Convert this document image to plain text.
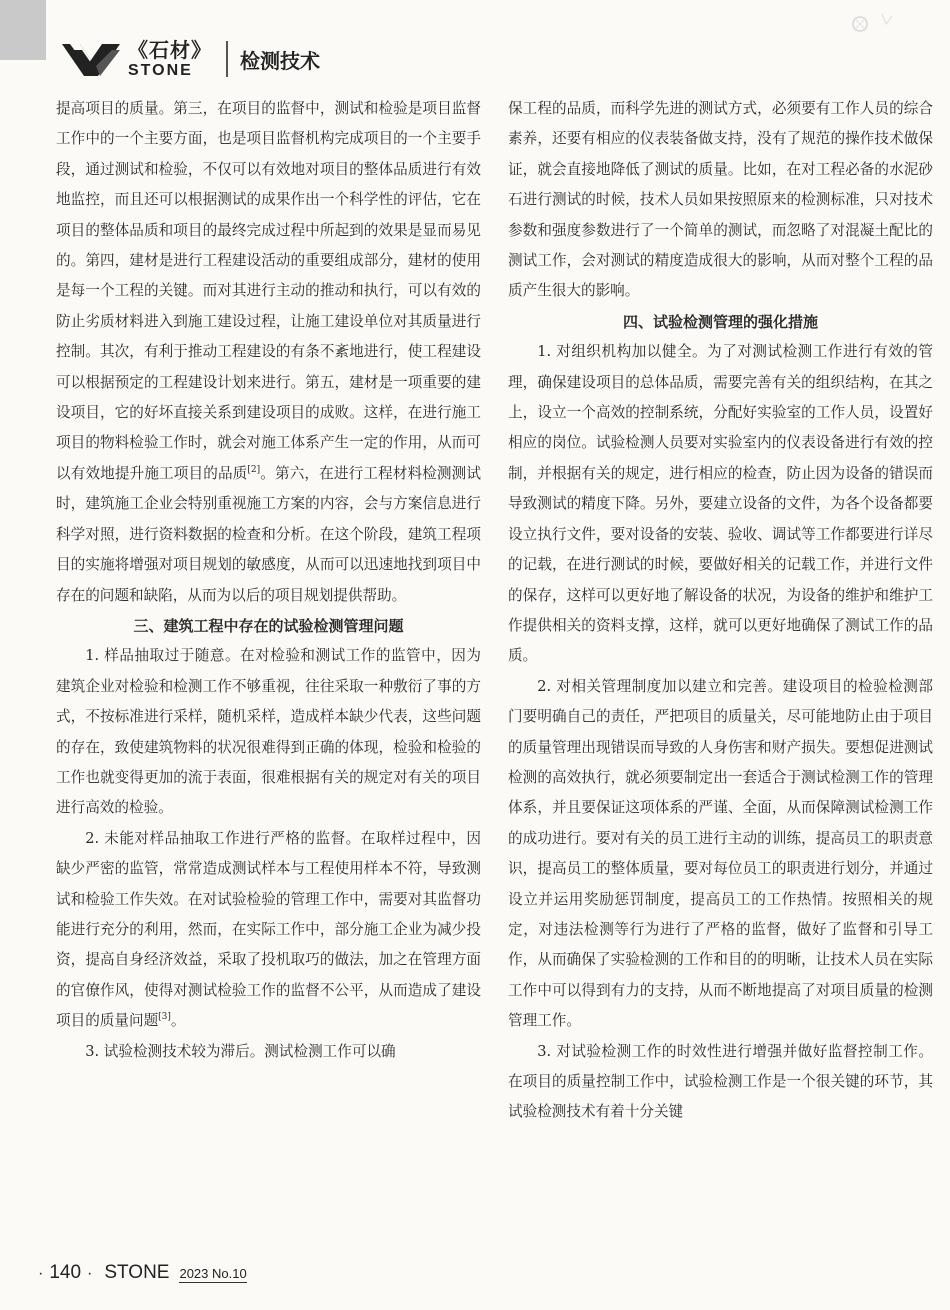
《石材》
STONE	检测技术

提高项目的质量。第三，在项目的监督中，测试和检验是项目监督工作中的一个主要方面，也是项目监督机构完成项目的一个主要手段，通过测试和检验，不仅可以有效地对项目的整体品质进行有效地监控，而且还可以根据测试的成果作出一个科学性的评估，它在项目的整体品质和项目的最终完成过程中所起到的效果是显而易见的。第四，建材是进行工程建设活动的重要组成部分，建材的使用是每一个工程的关键。而对其进行主动的推动和执行，可以有效的防止劣质材料进入到施工建设过程，让施工建设单位对其质量进行控制。其次，有利于推动工程建设的有条不紊地进行，使工程建设可以根据预定的工程建设计划来进行。第五，建材是一项重要的建设项目，它的好坏直接关系到建设项目的成败。这样，在进行施工项目的物料检验工作时，就会对施工体系产生一定的作用，从而可以有效地提升施工项目的品质[2]。第六，在进行工程材料检测测试时，建筑施工企业会特别重视施工方案的内容，会与方案信息进行科学对照，进行资料数据的检查和分析。在这个阶段，建筑工程项目的实施将增强对项目规划的敏感度，从而可以迅速地找到项目中存在的问题和缺陷，从而为以后的项目规划提供帮助。

三、建筑工程中存在的试验检测管理问题

1. 样品抽取过于随意。在对检验和测试工作的监管中，因为建筑企业对检验和检测工作不够重视，往往采取一种敷衍了事的方式，不按标准进行采样，随机采样，造成样本缺少代表，这些问题的存在，致使建筑物料的状况很难得到正确的体现，检验和检验的工作也就变得更加的流于表面，很难根据有关的规定对有关的项目进行高效的检验。

2. 未能对样品抽取工作进行严格的监督。在取样过程中，因缺少严密的监管，常常造成测试样本与工程使用样本不符，导致测试和检验工作失效。在对试验检验的管理工作中，需要对其监督功能进行充分的利用，然而，在实际工作中，部分施工企业为减少投资，提高自身经济效益，采取了投机取巧的做法，加之在管理方面的官僚作风，使得对测试检验工作的监督不公平，从而造成了建设项目的质量问题[3]。

3. 试验检测技术较为滞后。测试检测工作可以确

保工程的品质，而科学先进的测试方式，必须要有工作人员的综合素养，还要有相应的仪表装备做支持，没有了规范的操作技术做保证，就会直接地降低了测试的质量。比如，在对工程必备的水泥砂石进行测试的时候，技术人员如果按照原来的检测标准，只对技术参数和强度参数进行了一个简单的测试，而忽略了对混凝土配比的测试工作，会对测试的精度造成很大的影响，从而对整个工程的品质产生很大的影响。

四、试验检测管理的强化措施

1. 对组织机构加以健全。为了对测试检测工作进行有效的管理，确保建设项目的总体品质，需要完善有关的组织结构，在其之上，设立一个高效的控制系统，分配好实验室的工作人员，设置好相应的岗位。试验检测人员要对实验室内的仪表设备进行有效的控制，并根据有关的规定，进行相应的检查，防止因为设备的错误而导致测试的精度下降。另外，要建立设备的文件，为各个设备都要设立执行文件，要对设备的安装、验收、调试等工作都要进行详尽的记载，在进行测试的时候，要做好相关的记载工作，并进行文件的保存，这样可以更好地了解设备的状况，为设备的维护和维护工作提供相关的资料支撑，这样，就可以更好地确保了测试工作的品质。

2. 对相关管理制度加以建立和完善。建设项目的检验检测部门要明确自己的责任，严把项目的质量关，尽可能地防止由于项目的质量管理出现错误而导致的人身伤害和财产损失。要想促进测试检测的高效执行，就必须要制定出一套适合于测试检测工作的管理体系，并且要保证这项体系的严谨、全面，从而保障测试检测工作的成功进行。要对有关的员工进行主动的训练，提高员工的职责意识，提高员工的整体质量，要对每位员工的职责进行划分，并通过设立并运用奖励惩罚制度，提高员工的工作热情。按照相关的规定，对违法检测等行为进行了严格的监督，做好了监督和引导工作，从而确保了实验检测的工作和目的的明晰，让技术人员在实际工作中可以得到有力的支持，从而不断地提高了对项目质量的检测管理工作。

3. 对试验检测工作的时效性进行增强并做好监督控制工作。在项目的质量控制工作中，试验检测工作是一个很关键的环节，其试验检测技术有着十分关键

· 140 · STONE 2023 No.10
